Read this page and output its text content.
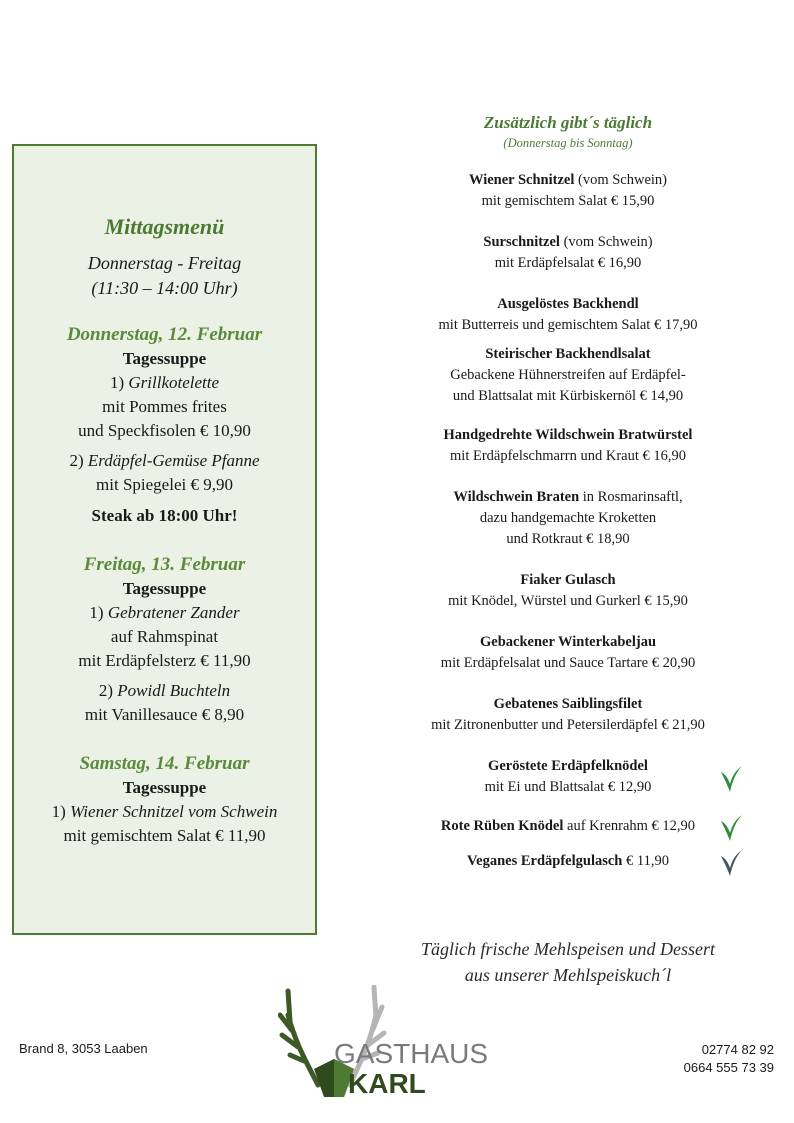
Mittagsmenü
Donnerstag - Freitag
(11:30 – 14:00 Uhr)
Donnerstag, 12. Februar
Tagessuppe
1) Grillkotelette
mit Pommes frites
und Speckfisolen € 10,90
2) Erdäpfel-Gemüse Pfanne
mit Spiegelei € 9,90
Steak ab 18:00 Uhr!
Freitag, 13. Februar
Tagessuppe
1) Gebratener Zander
auf Rahmspinat
mit Erdäpfelsterz € 11,90
2) Powidl Buchteln
mit Vanillesauce € 8,90
Samstag, 14. Februar
Tagessuppe
1) Wiener Schnitzel vom Schwein
mit gemischtem Salat € 11,90
Zusätzlich gibt´s täglich
(Donnerstag bis Sonntag)
Wiener Schnitzel (vom Schwein)
mit gemischtem Salat € 15,90
Surschnitzel (vom Schwein)
mit Erdäpfelsalat € 16,90
Ausgelöstes Backhendl
mit Butterreis und gemischtem Salat € 17,90
Steirischer Backhendlsalat
Gebackene Hühnerstreifen auf Erdäpfel-
und Blattsalat mit Kürbiskernöl € 14,90
Handgedrehte Wildschwein Bratwürstel
mit Erdäpfelschmarrn und Kraut € 16,90
Wildschwein Braten in Rosmarinsaftl,
dazu handgemachte Kroketten
und Rotkraut € 18,90
Fiaker Gulasch
mit Knödel, Würstel und Gurkerl € 15,90
Gebackener Winterkabeljau
mit Erdäpfelsalat und Sauce Tartare € 20,90
Gebatenes Saiblingsfilet
mit Zitronenbutter und Petersilerdäpfel € 21,90
Geröstete Erdäpfelknödel
mit Ei und Blattsalat € 12,90
Rote Rüben Knödel auf Krenrahm € 12,90
Veganes Erdäpfelgulasch € 11,90
Täglich frische Mehlspeisen und Dessert
aus unserer Mehlspeiskuch´l
Brand 8, 3053 Laaben	02774 82 92
0664 555 73 39
GASTHAUS
KARL
